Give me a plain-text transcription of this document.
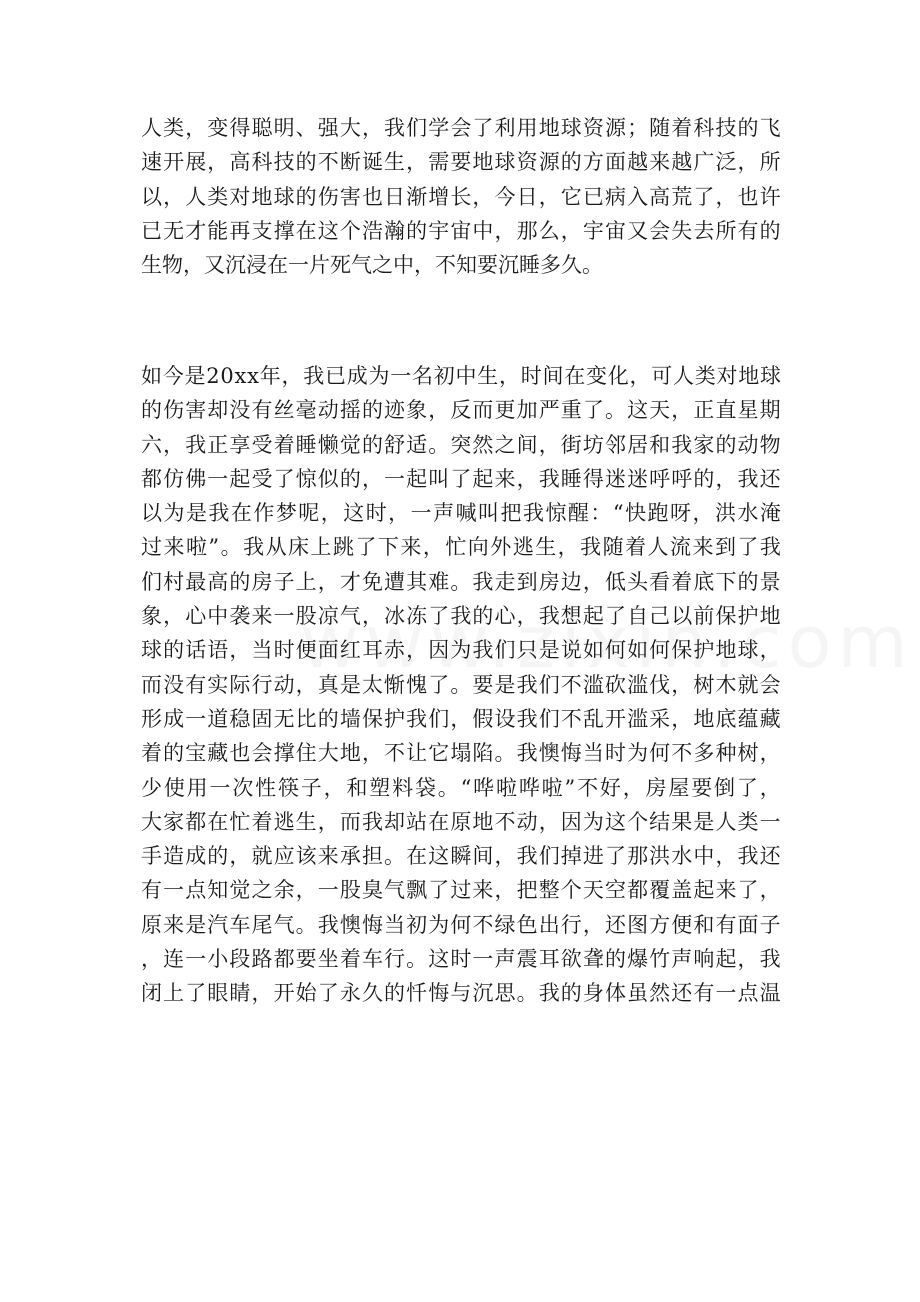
人 类 ， 变 得 聪 明 、 强 大 ， 我 们 学 会 了 利 用 地 球 资 源 ； 随 着 科 技 的 飞
速 开 展 ， 高 科 技 的 不 断 诞 生 ， 需 要 地 球 资 源 的 方 面 越 来 越 广 泛 ， 所
以 ， 人 类 对 地 球 的 伤 害 也 日 渐 增 长 ， 今 日 ， 它 已 病 入 高 荒 了 ， 也 许
已 无 才 能 再 支 撑 在 这 个 浩 瀚 的 宇 宙 中 ， 那 么 ， 宇 宙 又 会 失 去 所 有 的
生物，又沉浸在一片死气之中，不知要沉睡多久。
如 今 是 2 0 x x 年 ， 我 已 成 为 一 名 初 中 生 ， 时 间 在 变 化 ， 可 人 类 对 地 球
的 伤 害 却 没 有 丝 毫 动 摇 的 迹 象 ， 反 而 更 加 严 重 了 。 这 天 ， 正 直 星 期
六 ， 我 正 享 受 着 睡 懒 觉 的 舒 适 。 突 然 之 间 ， 街 坊 邻 居 和 我 家 的 动 物
都 仿 佛 一 起 受 了 惊 似 的 ， 一 起 叫 了 起 来 ， 我 睡 得 迷 迷 呼 呼 的 ， 我 还
以 为 是 我 在 作 梦 呢 ， 这 时 ， 一 声 喊 叫 把 我 惊 醒 ： “ 快 跑 呀 ， 洪 水 淹
过 来 啦 ” 。 我 从 床 上 跳 了 下 来 ， 忙 向 外 逃 生 ， 我 随 着 人 流 来 到 了 我
们 村 最 高 的 房 子 上 ， 才 免 遭 其 难 。 我 走 到 房 边 ， 低 头 看 着 底 下 的 景
象 ， 心 中 袭 来 一 股 凉 气 ， 冰 冻 了 我 的 心 ， 我 想 起 了 自 己 以 前 保 护 地
球 的 话 语 ， 当 时 便 面 红 耳 赤 ， 因 为 我 们 只 是 说 如 何 如 何 保 护 地 球 ，
而 没 有 实 际 行 动 ， 真 是 太 惭 愧 了 。 要 是 我 们 不 滥 砍 滥 伐 ， 树 木 就 会
形 成 一 道 稳 固 无 比 的 墙 保 护 我 们 ， 假 设 我 们 不 乱 开 滥 采 ， 地 底 蕴 藏
着 的 宝 藏 也 会 撑 住 大 地 ， 不 让 它 塌 陷 。 我 懊 悔 当 时 为 何 不 多 种 树 ，
少 使 用 一 次 性 筷 子 ， 和 塑 料 袋 。 “ 哗 啦 哗 啦 ” 不 好 ， 房 屋 要 倒 了 ，
大 家 都 在 忙 着 逃 生 ， 而 我 却 站 在 原 地 不 动 ， 因 为 这 个 结 果 是 人 类 一
手 造 成 的 ， 就 应 该 来 承 担 。 在 这 瞬 间 ， 我 们 掉 进 了 那 洪 水 中 ， 我 还
有 一 点 知 觉 之 余 ， 一 股 臭 气 飘 了 过 来 ， 把 整 个 天 空 都 覆 盖 起 来 了 ，
原 来 是 汽 车 尾 气 。 我 懊 悔 当 初 为 何 不 绿 色 出 行 ， 还 图 方 便 和 有 面 子
， 连 一 小 段 路 都 要 坐 着 车 行 。 这 时 一 声 震 耳 欲 聋 的 爆 竹 声 响 起 ， 我
闭 上 了 眼 睛 ， 开 始 了 永 久 的 忏 悔 与 沉 思 。 我 的 身 体 虽 然 还 有 一 点 温
